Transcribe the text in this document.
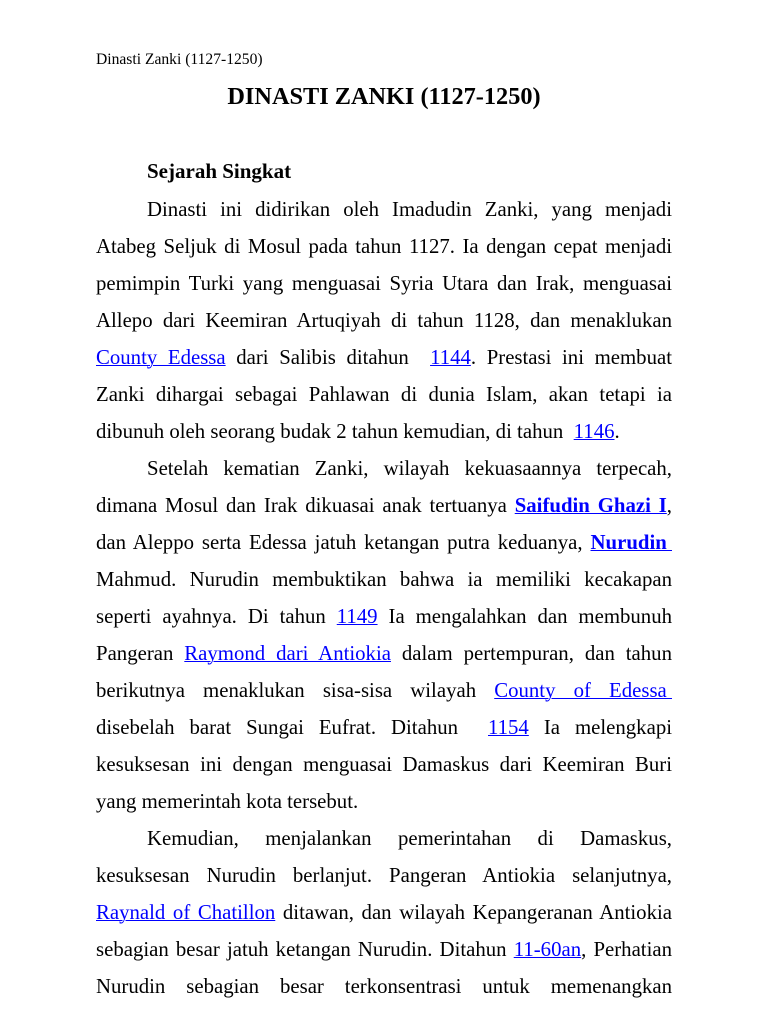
Dinasti Zanki (1127-1250)
DINASTI ZANKI (1127-1250)
Sejarah Singkat
Dinasti ini didirikan oleh Imadudin Zanki, yang menjadi
Atabeg Seljuk di Mosul pada tahun 1127. Ia dengan cepat menjadi
pemimpin Turki yang menguasai Syria Utara dan Irak, menguasai
Allepo dari Keemiran Artuqiyah di tahun 1128, dan menaklukan
County Edessa dari Salibis ditahun  1144. Prestasi ini membuat
Zanki dihargai sebagai Pahlawan di dunia Islam, akan tetapi ia
dibunuh oleh seorang budak 2 tahun kemudian, di tahun  1146.
Setelah kematian Zanki, wilayah kekuasaannya terpecah,
dimana Mosul dan Irak dikuasai anak tertuanya Saifudin Ghazi I,
dan Aleppo serta Edessa jatuh ketangan putra keduanya, Nurudin
Mahmud. Nurudin membuktikan bahwa ia memiliki kecakapan
seperti ayahnya. Di tahun 1149 Ia mengalahkan dan membunuh
Pangeran Raymond dari Antiokia dalam pertempuran, dan tahun
berikutnya menaklukan sisa-sisa wilayah County of Edessa
disebelah barat Sungai Eufrat. Ditahun  1154 Ia melengkapi
kesuksesan ini dengan menguasai Damaskus dari Keemiran Buri
yang memerintah kota tersebut.
Kemudian, menjalankan pemerintahan di Damaskus,
kesuksesan Nurudin berlanjut. Pangeran Antiokia selanjutnya,
Raynald of Chatillon ditawan, dan wilayah Kepangeranan Antiokia
sebagian besar jatuh ketangan Nurudin. Ditahun 11-60an, Perhatian
Nurudin sebagian besar terkonsentrasi untuk memenangkan
